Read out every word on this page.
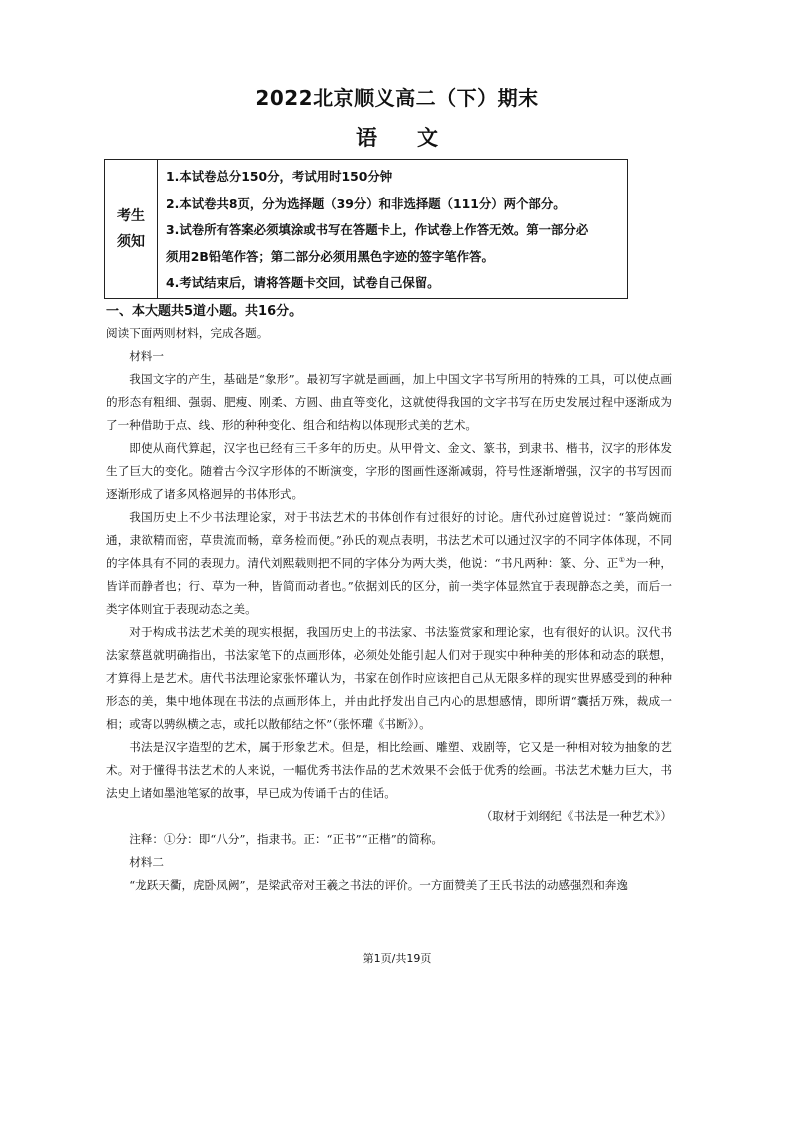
2022北京顺义高二（下）期末
语 文
考生
须知
1.本试卷总分150分，考试用时150分钟
2.本试卷共8页，分为选择题（39分）和非选择题（111分）两个部分。
3.试卷所有答案必须填涂或书写在答题卡上，作试卷上作答无效。第一部分必
须用2B铅笔作答；第二部分必须用黑色字迹的签字笔作答。
4.考试结束后，请将答题卡交回，试卷自己保留。
一、本大题共5道小题。共16分。

阅读下面两则材料，完成各题。

材料一

我国文字的产生，基础是“象形”。最初写字就是画画，加上中国文字书写所用的特殊的工具，可以使点画的形态有粗细、强弱、肥瘦、刚柔、方圆、曲直等变化，这就使得我国的文字书写在历史发展过程中逐渐成为了一种借助于点、线、形的种种变化、组合和结构以体现形式美的艺术。

即使从商代算起，汉字也已经有三千多年的历史。从甲骨文、金文、篆书，到隶书、楷书，汉字的形体发生了巨大的变化。随着古今汉字形体的不断演变，字形的图画性逐渐减弱，符号性逐渐增强，汉字的书写因而逐渐形成了诸多风格迥异的书体形式。

我国历史上不少书法理论家，对于书法艺术的书体创作有过很好的讨论。唐代孙过庭曾说过：“篆尚婉而通，隶欲精而密，草贵流而畅，章务检而便。”孙氏的观点表明，书法艺术可以通过汉字的不同字体体现，不同的字体具有不同的表现力。清代刘熙载则把不同的字体分为两大类，他说：“书凡两种：篆、分、正①为一种，皆详而静者也；行、草为一种，皆简而动者也。”依据刘氏的区分，前一类字体显然宜于表现静态之美，而后一类字体则宜于表现动态之美。

对于构成书法艺术美的现实根据，我国历史上的书法家、书法鉴赏家和理论家，也有很好的认识。汉代书法家蔡邕就明确指出，书法家笔下的点画形体，必须处处能引起人们对于现实中种种美的形体和动态的联想，才算得上是艺术。唐代书法理论家张怀瓘认为，书家在创作时应该把自己从无限多样的现实世界感受到的种种形态的美，集中地体现在书法的点画形体上，并由此抒发出自己内心的思想感情，即所谓“囊括万殊，裁成一相；或寄以骋纵横之志，或托以散郁结之怀”（张怀瓘《书断》）。

书法是汉字造型的艺术，属于形象艺术。但是，相比绘画、雕塑、戏剧等，它又是一种相对较为抽象的艺术。对于懂得书法艺术的人来说，一幅优秀书法作品的艺术效果不会低于优秀的绘画。书法艺术魅力巨大，书法史上诸如墨池笔冢的故事，早已成为传诵千古的佳话。

（取材于刘纲纪《书法是一种艺术》）

注释：①分：即“八分”，指隶书。正：“正书”“正楷”的简称。

材料二

“龙跃天衢，虎卧凤阙”，是梁武帝对王羲之书法的评价。一方面赞美了王氏书法的动感强烈和奔逸

第1页/共19页
